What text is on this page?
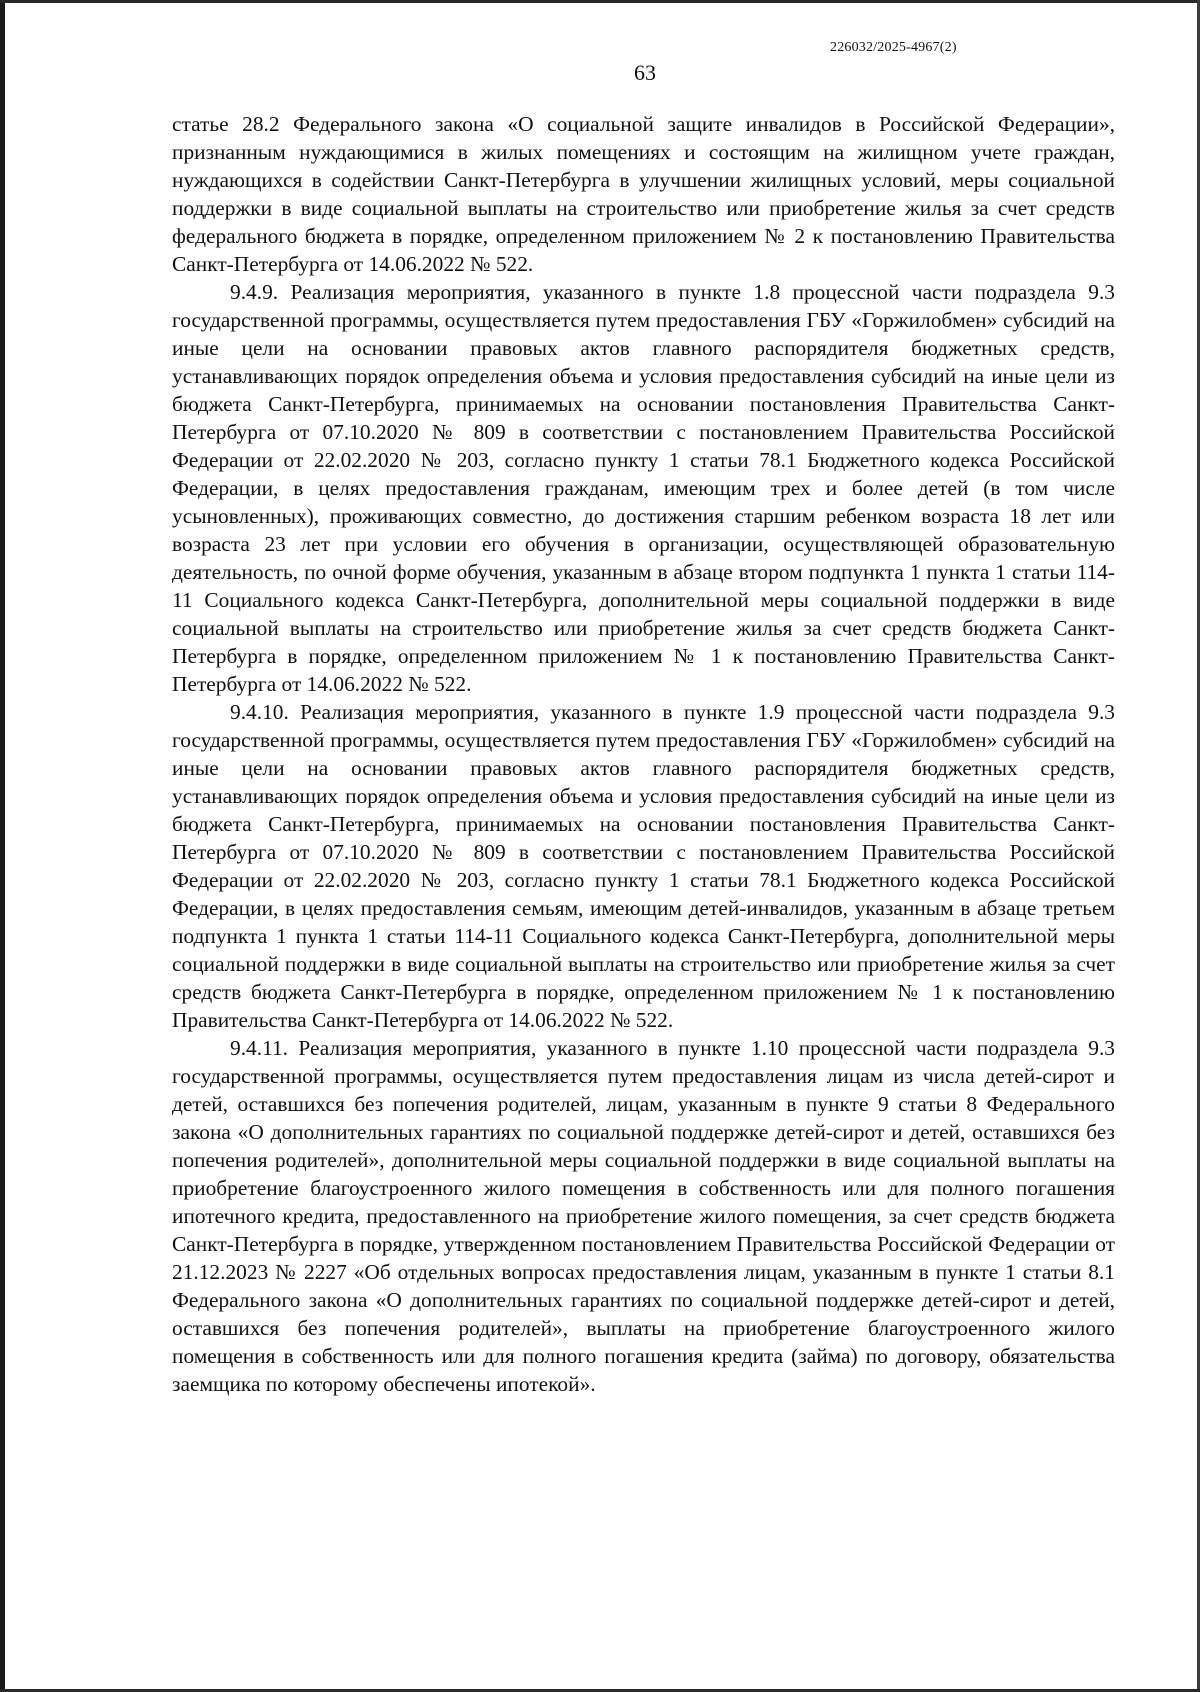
226032/2025-4967(2)
63

статье 28.2 Федерального закона «О социальной защите инвалидов в Российской Федерации», признанным нуждающимися в жилых помещениях и состоящим на жилищном учете граждан, нуждающихся в содействии Санкт-Петербурга в улучшении жилищных условий, меры социальной поддержки в виде социальной выплаты на строительство или приобретение жилья за счет средств федерального бюджета в порядке, определенном приложением № 2 к постановлению Правительства Санкт-Петербурга от 14.06.2022 № 522.

9.4.9. Реализация мероприятия, указанного в пункте 1.8 процессной части подраздела 9.3 государственной программы, осуществляется путем предоставления ГБУ «Горжилобмен» субсидий на иные цели на основании правовых актов главного распорядителя бюджетных средств, устанавливающих порядок определения объема и условия предоставления субсидий на иные цели из бюджета Санкт-Петербурга, принимаемых на основании постановления Правительства Санкт-Петербурга от 07.10.2020 № 809 в соответствии с постановлением Правительства Российской Федерации от 22.02.2020 № 203, согласно пункту 1 статьи 78.1 Бюджетного кодекса Российской Федерации, в целях предоставления гражданам, имеющим трех и более детей (в том числе усыновленных), проживающих совместно, до достижения старшим ребенком возраста 18 лет или возраста 23 лет при условии его обучения в организации, осуществляющей образовательную деятельность, по очной форме обучения, указанным в абзаце втором подпункта 1 пункта 1 статьи 114-11 Социального кодекса Санкт-Петербурга, дополнительной меры социальной поддержки в виде социальной выплаты на строительство или приобретение жилья за счет средств бюджета Санкт-Петербурга в порядке, определенном приложением № 1 к постановлению Правительства Санкт-Петербурга от 14.06.2022 № 522.

9.4.10. Реализация мероприятия, указанного в пункте 1.9 процессной части подраздела 9.3 государственной программы, осуществляется путем предоставления ГБУ «Горжилобмен» субсидий на иные цели на основании правовых актов главного распорядителя бюджетных средств, устанавливающих порядок определения объема и условия предоставления субсидий на иные цели из бюджета Санкт-Петербурга, принимаемых на основании постановления Правительства Санкт-Петербурга от 07.10.2020 № 809 в соответствии с постановлением Правительства Российской Федерации от 22.02.2020 № 203, согласно пункту 1 статьи 78.1 Бюджетного кодекса Российской Федерации, в целях предоставления семьям, имеющим детей-инвалидов, указанным в абзаце третьем подпункта 1 пункта 1 статьи 114-11 Социального кодекса Санкт-Петербурга, дополнительной меры социальной поддержки в виде социальной выплаты на строительство или приобретение жилья за счет средств бюджета Санкт-Петербурга в порядке, определенном приложением № 1 к постановлению Правительства Санкт-Петербурга от 14.06.2022 № 522.

9.4.11. Реализация мероприятия, указанного в пункте 1.10 процессной части подраздела 9.3 государственной программы, осуществляется путем предоставления лицам из числа детей-сирот и детей, оставшихся без попечения родителей, лицам, указанным в пункте 9 статьи 8 Федерального закона «О дополнительных гарантиях по социальной поддержке детей-сирот и детей, оставшихся без попечения родителей», дополнительной меры социальной поддержки в виде социальной выплаты на приобретение благоустроенного жилого помещения в собственность или для полного погашения ипотечного кредита, предоставленного на приобретение жилого помещения, за счет средств бюджета Санкт-Петербурга в порядке, утвержденном постановлением Правительства Российской Федерации от 21.12.2023 № 2227 «Об отдельных вопросах предоставления лицам, указанным в пункте 1 статьи 8.1 Федерального закона «О дополнительных гарантиях по социальной поддержке детей-сирот и детей, оставшихся без попечения родителей», выплаты на приобретение благоустроенного жилого помещения в собственность или для полного погашения кредита (займа) по договору, обязательства заемщика по которому обеспечены ипотекой».
